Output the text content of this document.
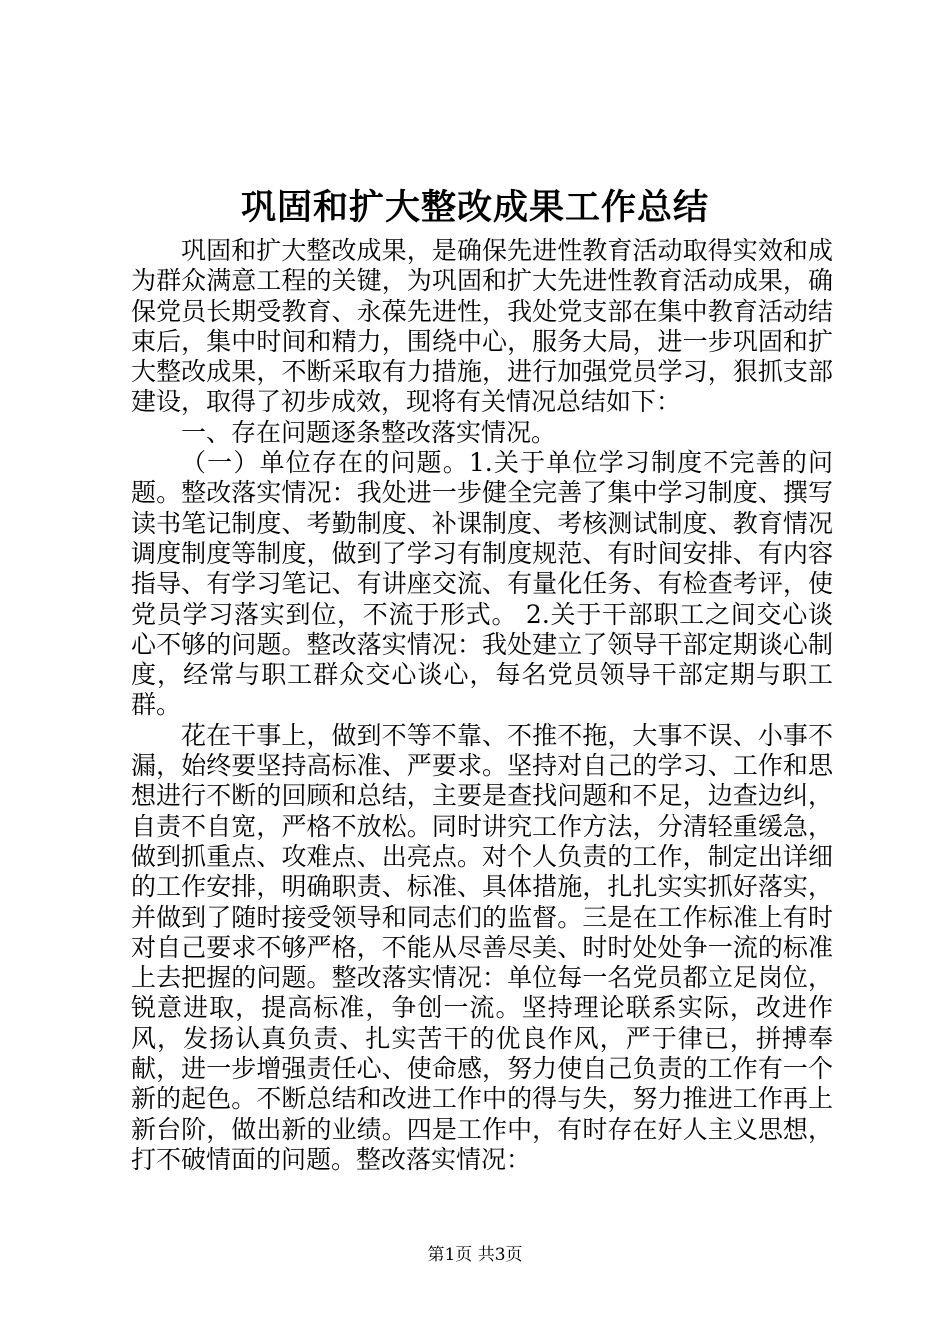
巩固和扩大整改成果工作总结

巩固和扩大整改成果，是确保先进性教育活动取得实效和成为群众满意工程的关键，为巩固和扩大先进性教育活动成果，确保党员长期受教育、永葆先进性，我处党支部在集中教育活动结束后，集中时间和精力，围绕中心，服务大局，进一步巩固和扩大整改成果，不断采取有力措施，进行加强党员学习，狠抓支部建设，取得了初步成效，现将有关情况总结如下：

一、存在问题逐条整改落实情况。

（一）单位存在的问题。1.关于单位学习制度不完善的问题。整改落实情况：我处进一步健全完善了集中学习制度、撰写读书笔记制度、考勤制度、补课制度、考核测试制度、教育情况调度制度等制度，做到了学习有制度规范、有时间安排、有内容指导、有学习笔记、有讲座交流、有量化任务、有检查考评，使党员学习落实到位，不流于形式。 2.关于干部职工之间交心谈心不够的问题。整改落实情况：我处建立了领导干部定期谈心制度，经常与职工群众交心谈心，每名党员领导干部定期与职工群。

花在干事上，做到不等不靠、不推不拖，大事不误、小事不漏，始终要坚持高标准、严要求。坚持对自己的学习、工作和思想进行不断的回顾和总结，主要是查找问题和不足，边查边纠，自责不自宽，严格不放松。同时讲究工作方法，分清轻重缓急，做到抓重点、攻难点、出亮点。对个人负责的工作，制定出详细的工作安排，明确职责、标准、具体措施，扎扎实实抓好落实，并做到了随时接受领导和同志们的监督。三是在工作标准上有时对自己要求不够严格，不能从尽善尽美、时时处处争一流的标准上去把握的问题。整改落实情况：单位每一名党员都立足岗位，锐意进取，提高标准，争创一流。坚持理论联系实际，改进作风，发扬认真负责、扎实苦干的优良作风，严于律已，拼搏奉献，进一步增强责任心、使命感，努力使自己负责的工作有一个新的起色。不断总结和改进工作中的得与失，努力推进工作再上新台阶，做出新的业绩。四是工作中，有时存在好人主义思想，打不破情面的问题。整改落实情况：

第1页 共3页
